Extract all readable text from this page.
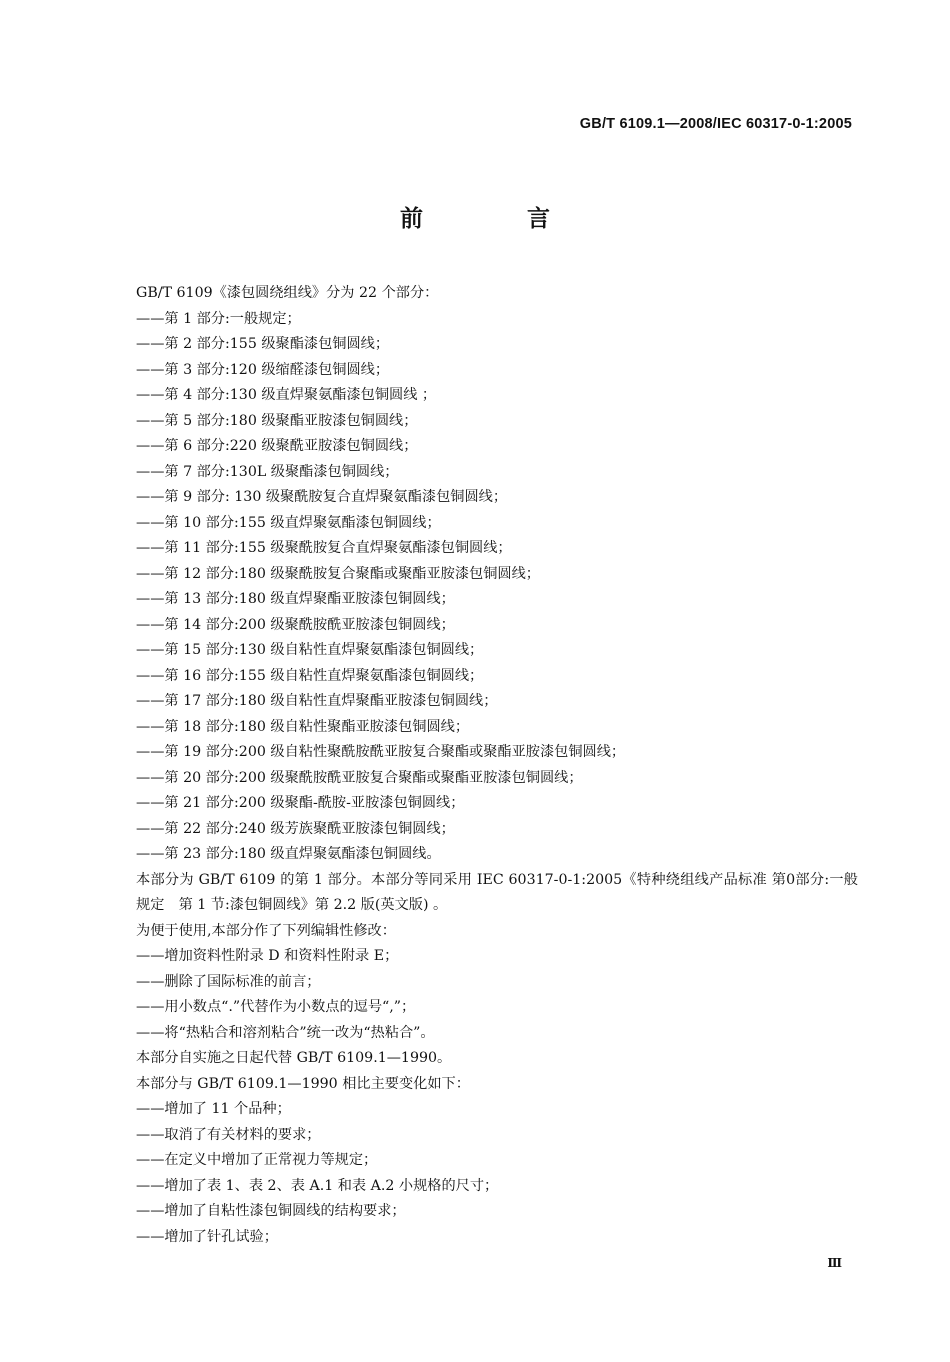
GB/T 6109.1—2008/IEC 60317-0-1:2005
前 言

GB/T 6109《漆包圆绕组线》分为 22 个部分：

——第 1 部分:一般规定；

——第 2 部分:155 级聚酯漆包铜圆线；

——第 3 部分:120 级缩醛漆包铜圆线；

——第 4 部分:130 级直焊聚氨酯漆包铜圆线 ；

——第 5 部分:180 级聚酯亚胺漆包铜圆线；

——第 6 部分:220 级聚酰亚胺漆包铜圆线；

——第 7 部分:130L 级聚酯漆包铜圆线；

——第 9 部分: 130 级聚酰胺复合直焊聚氨酯漆包铜圆线；

——第 10 部分:155 级直焊聚氨酯漆包铜圆线；

——第 11 部分:155 级聚酰胺复合直焊聚氨酯漆包铜圆线；

——第 12 部分:180 级聚酰胺复合聚酯或聚酯亚胺漆包铜圆线；

——第 13 部分:180 级直焊聚酯亚胺漆包铜圆线；

——第 14 部分:200 级聚酰胺酰亚胺漆包铜圆线；

——第 15 部分:130 级自粘性直焊聚氨酯漆包铜圆线；

——第 16 部分:155 级自粘性直焊聚氨酯漆包铜圆线；

——第 17 部分:180 级自粘性直焊聚酯亚胺漆包铜圆线；

——第 18 部分:180 级自粘性聚酯亚胺漆包铜圆线；

——第 19 部分:200 级自粘性聚酰胺酰亚胺复合聚酯或聚酯亚胺漆包铜圆线；

——第 20 部分:200 级聚酰胺酰亚胺复合聚酯或聚酯亚胺漆包铜圆线；

——第 21 部分:200 级聚酯-酰胺-亚胺漆包铜圆线；

——第 22 部分:240 级芳族聚酰亚胺漆包铜圆线；

——第 23 部分:180 级直焊聚氨酯漆包铜圆线。

本部分为 GB/T 6109 的第 1 部分。本部分等同采用 IEC 60317-0-1:2005《特种绕组线产品标准 第0部分:一般规定　第 1 节:漆包铜圆线》第 2.2 版(英文版) 。

为便于使用,本部分作了下列编辑性修改：

——增加资料性附录 D 和资料性附录 E；

——删除了国际标准的前言；

——用小数点“.”代替作为小数点的逗号“,”；

——将“热粘合和溶剂粘合”统一改为“热粘合”。

本部分自实施之日起代替 GB/T 6109.1—1990。

本部分与 GB/T 6109.1—1990 相比主要变化如下：

——增加了 11 个品种；

——取消了有关材料的要求；

——在定义中增加了正常视力等规定；

——增加了表 1、表 2、表 A.1 和表 A.2 小规格的尺寸；

——增加了自粘性漆包铜圆线的结构要求；

——增加了针孔试验；

Ⅲ
